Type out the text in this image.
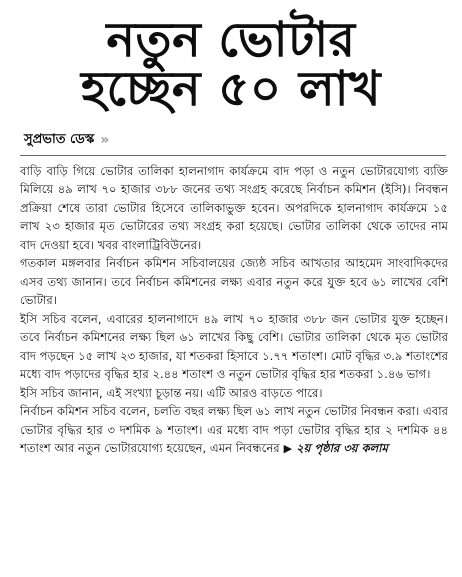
নতুন ভোটার
হচ্ছেন ৫০ লাখ
সুপ্রভাত ডেস্ক »

বাড়ি বাড়ি গিয়ে ভোটার তালিকা হালনাগাদ কার্যক্রমে বাদ পড়া ও নতুন ভোটারযোগ্য ব্যক্তি মিলিয়ে ৪৯ লাখ ৭০ হাজার ৩৮৮ জনের তথ্য সংগ্রহ করেছে নির্বাচন কমিশন (ইসি)। নিবন্ধন প্রক্রিয়া শেষে তারা ভোটার হিসেবে তালিকাভুক্ত হবেন। অপরদিকে হালনাগাদ কার্যক্রমে ১৫ লাখ ২৩ হাজার মৃত ভোটারের তথ্য সংগ্রহ করা হয়েছে। ভোটার তালিকা থেকে তাদের নাম বাদ দেওয়া হবে। খবর বাংলাট্রিবিউনের।

গতকাল মঙ্গলবার নির্বাচন কমিশন সচিবালয়ের জ্যেষ্ঠ সচিব আখতার আহমেদ সাংবাদিকদের এসব তথ্য জানান। তবে নির্বাচন কমিশনের লক্ষ্য এবার নতুন করে যুক্ত হবে ৬১ লাখের বেশি ভোটার।

ইসি সচিব বলেন, এবারের হালনাগাদে ৪৯ লাখ ৭০ হাজার ৩৮৮ জন ভোটার যুক্ত হচ্ছেন। তবে নির্বাচন কমিশনের লক্ষ্য ছিল ৬১ লাখের কিছু বেশি। ভোটার তালিকা থেকে মৃত ভোটার বাদ পড়ছেন ১৫ লাখ ২৩ হাজার, যা শতকরা হিসাবে ১.৭৭ শতাংশ। মোট বৃদ্ধির ৩.৯ শতাংশের মধ্যে বাদ পড়াদের বৃদ্ধির হার ২.৪৪ শতাংশ ও নতুন ভোটার বৃদ্ধির হার শতকরা ১.৪৬ ভাগ।

ইসি সচিব জানান, এই সংখ্যা চূড়ান্ত নয়। এটি আরও বাড়তে পারে।

নির্বাচন কমিশন সচিব বলেন, চলতি বছর লক্ষ্য ছিল ৬১ লাখ নতুন ভোটার নিবন্ধন করা। এবার ভোটার বৃদ্ধির হার ৩ দশমিক ৯ শতাংশ। এর মধ্যে বাদ পড়া ভোটার বৃদ্ধির হার ২ দশমিক ৪৪ শতাংশ আর নতুন ভোটারযোগ্য হয়েছেন, এমন নিবন্ধনের ▶ ২য় পৃষ্ঠার ৩য় কলাম
